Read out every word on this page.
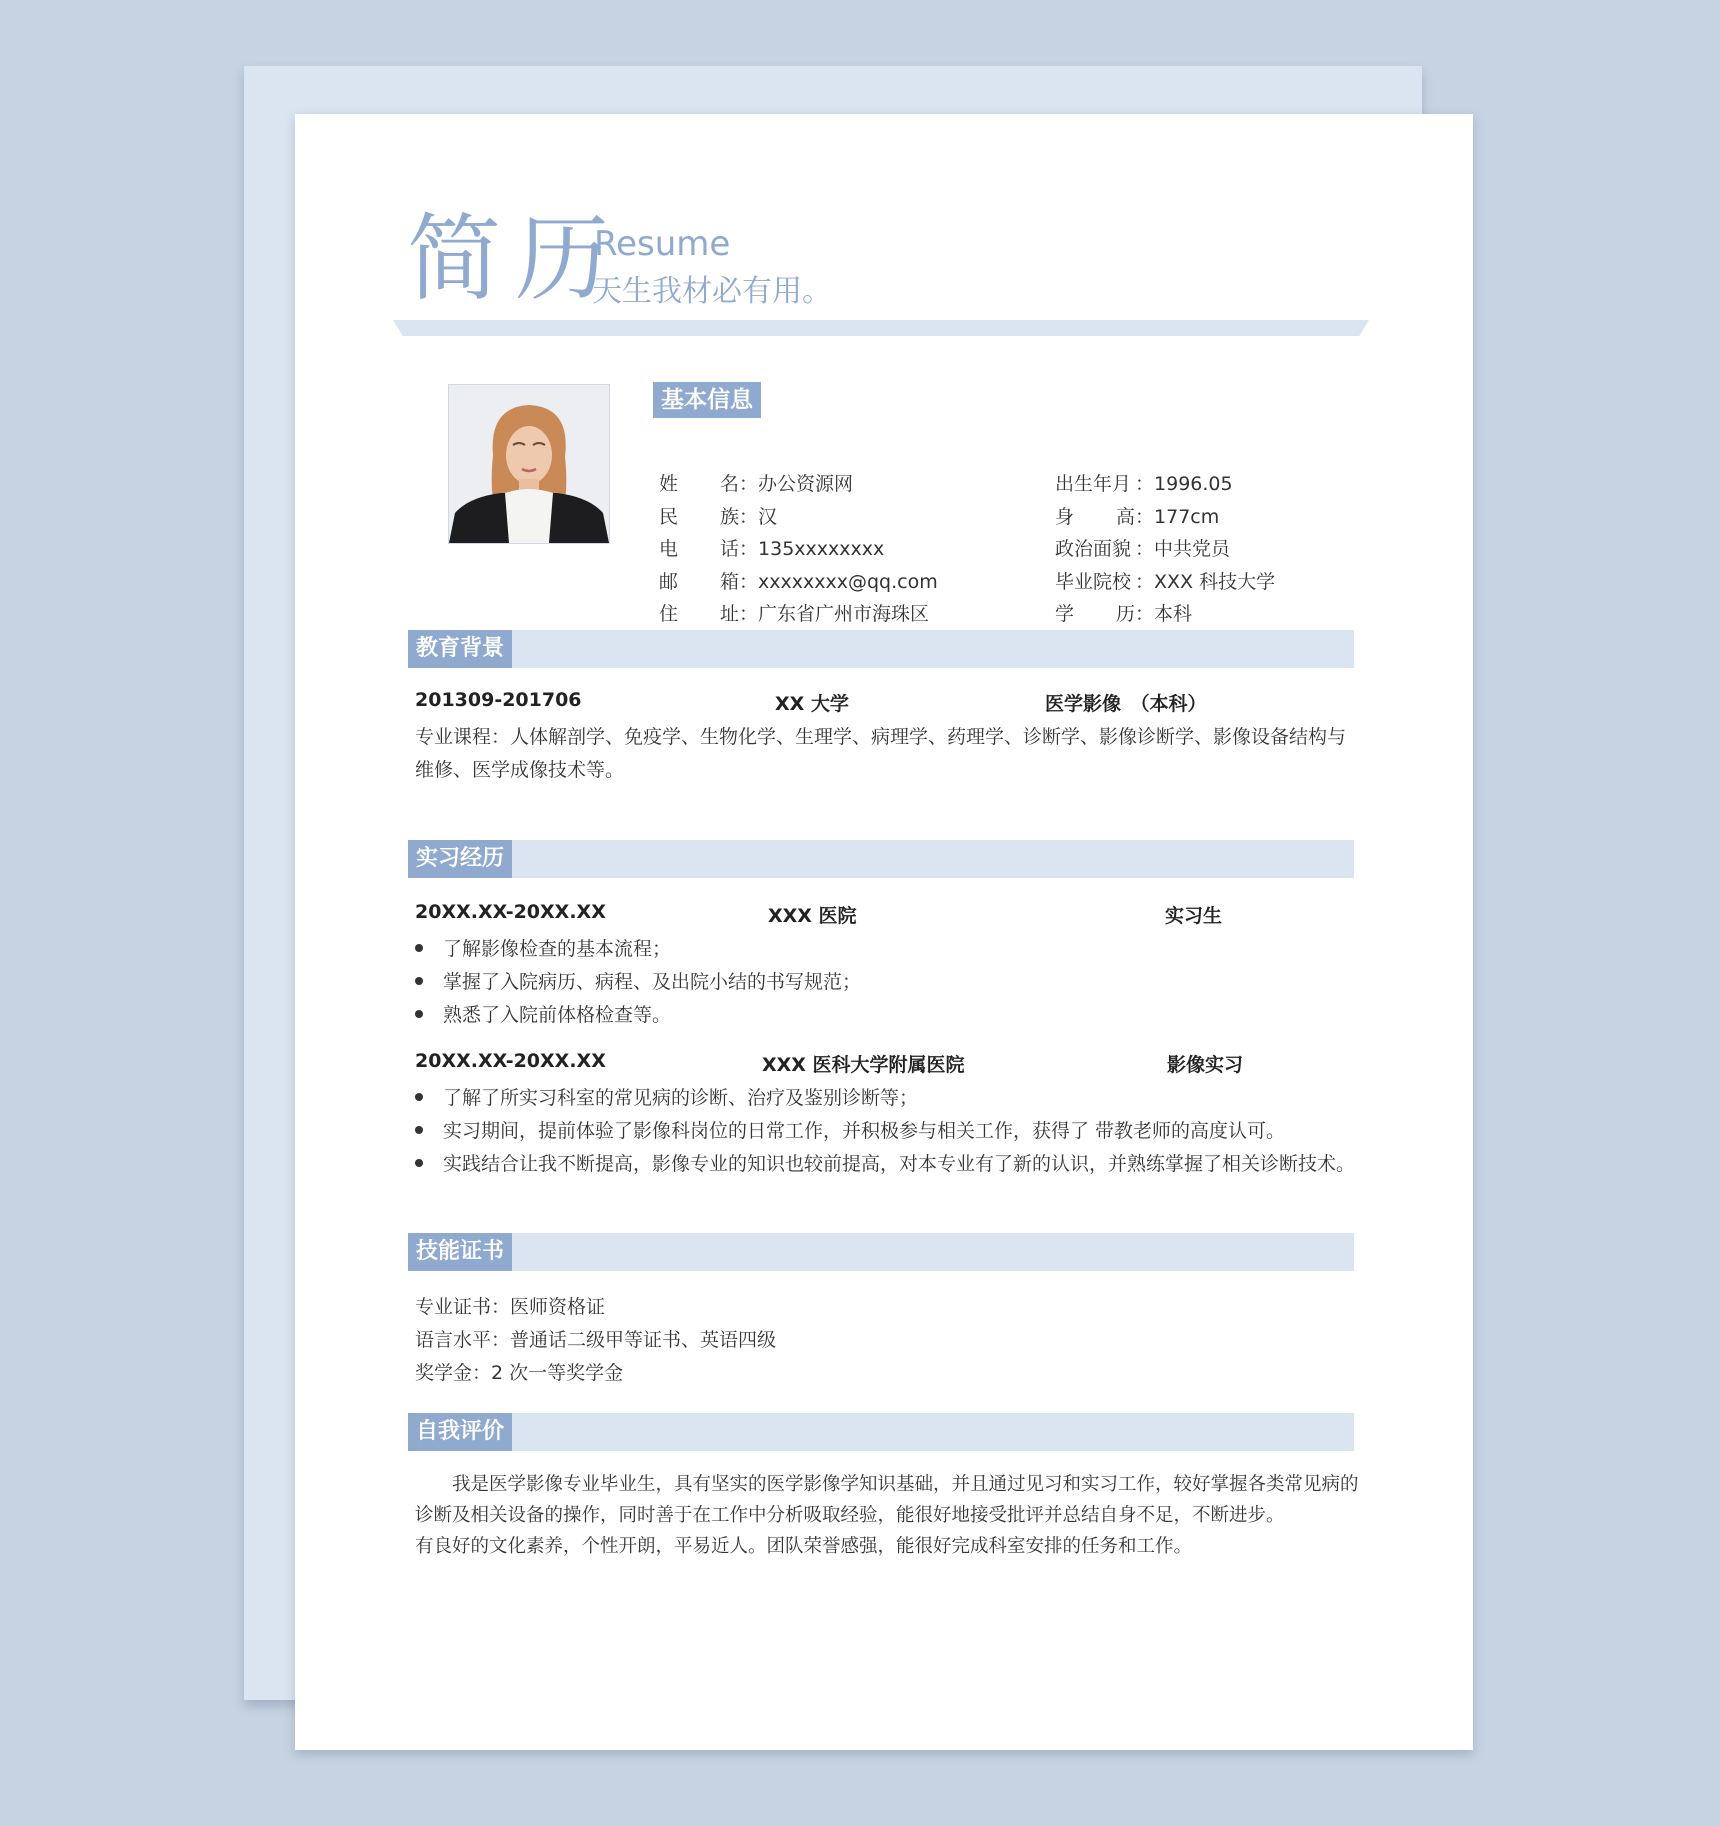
简历
Resume
天生我材必有用。
基本信息
姓 名 ： 办公资源网
民 族 ： 汉
电 话 ： 135xxxxxxxx
邮 箱 ： xxxxxxxx@qq.com
住 址 ： 广东省广州市海珠区
出生年月 ： 1996.05
身 高 ： 177cm
政治面貌 ： 中共党员
毕业院校 ： XXX 科技大学
学 历 ： 本科
教育背景
201309-201706	XX 大学	医学影像　（本科）
专业课程：人体解剖学、免疫学、生物化学、生理学、病理学、药理学、诊断学、影像诊断学、影像设备结构与
维修、医学成像技术等。
实习经历
20XX.XX-20XX.XX	XXX 医院	实习生
了解影像检查的基本流程；
掌握了入院病历、病程、及出院小结的书写规范；
熟悉了入院前体格检查等。
20XX.XX-20XX.XX	XXX 医科大学附属医院	影像实习
了解了所实习科室的常见病的诊断、治疗及鉴别诊断等；
实习期间，提前体验了影像科岗位的日常工作，并积极参与相关工作，获得了 带教老师的高度认可。
实践结合让我不断提高，影像专业的知识也较前提高，对本专业有了新的认识，并熟练掌握了相关诊断技术。
技能证书
专业证书：医师资格证
语言水平：普通话二级甲等证书、英语四级
奖学金：2 次一等奖学金
自我评价
　　我是医学影像专业毕业生，具有坚实的医学影像学知识基础，并且通过见习和实习工作，较好掌握各类常见病的
诊断及相关设备的操作，同时善于在工作中分析吸取经验，能很好地接受批评并总结自身不足，不断进步。
有良好的文化素养，个性开朗，平易近人。团队荣誉感强，能很好完成科室安排的任务和工作。
